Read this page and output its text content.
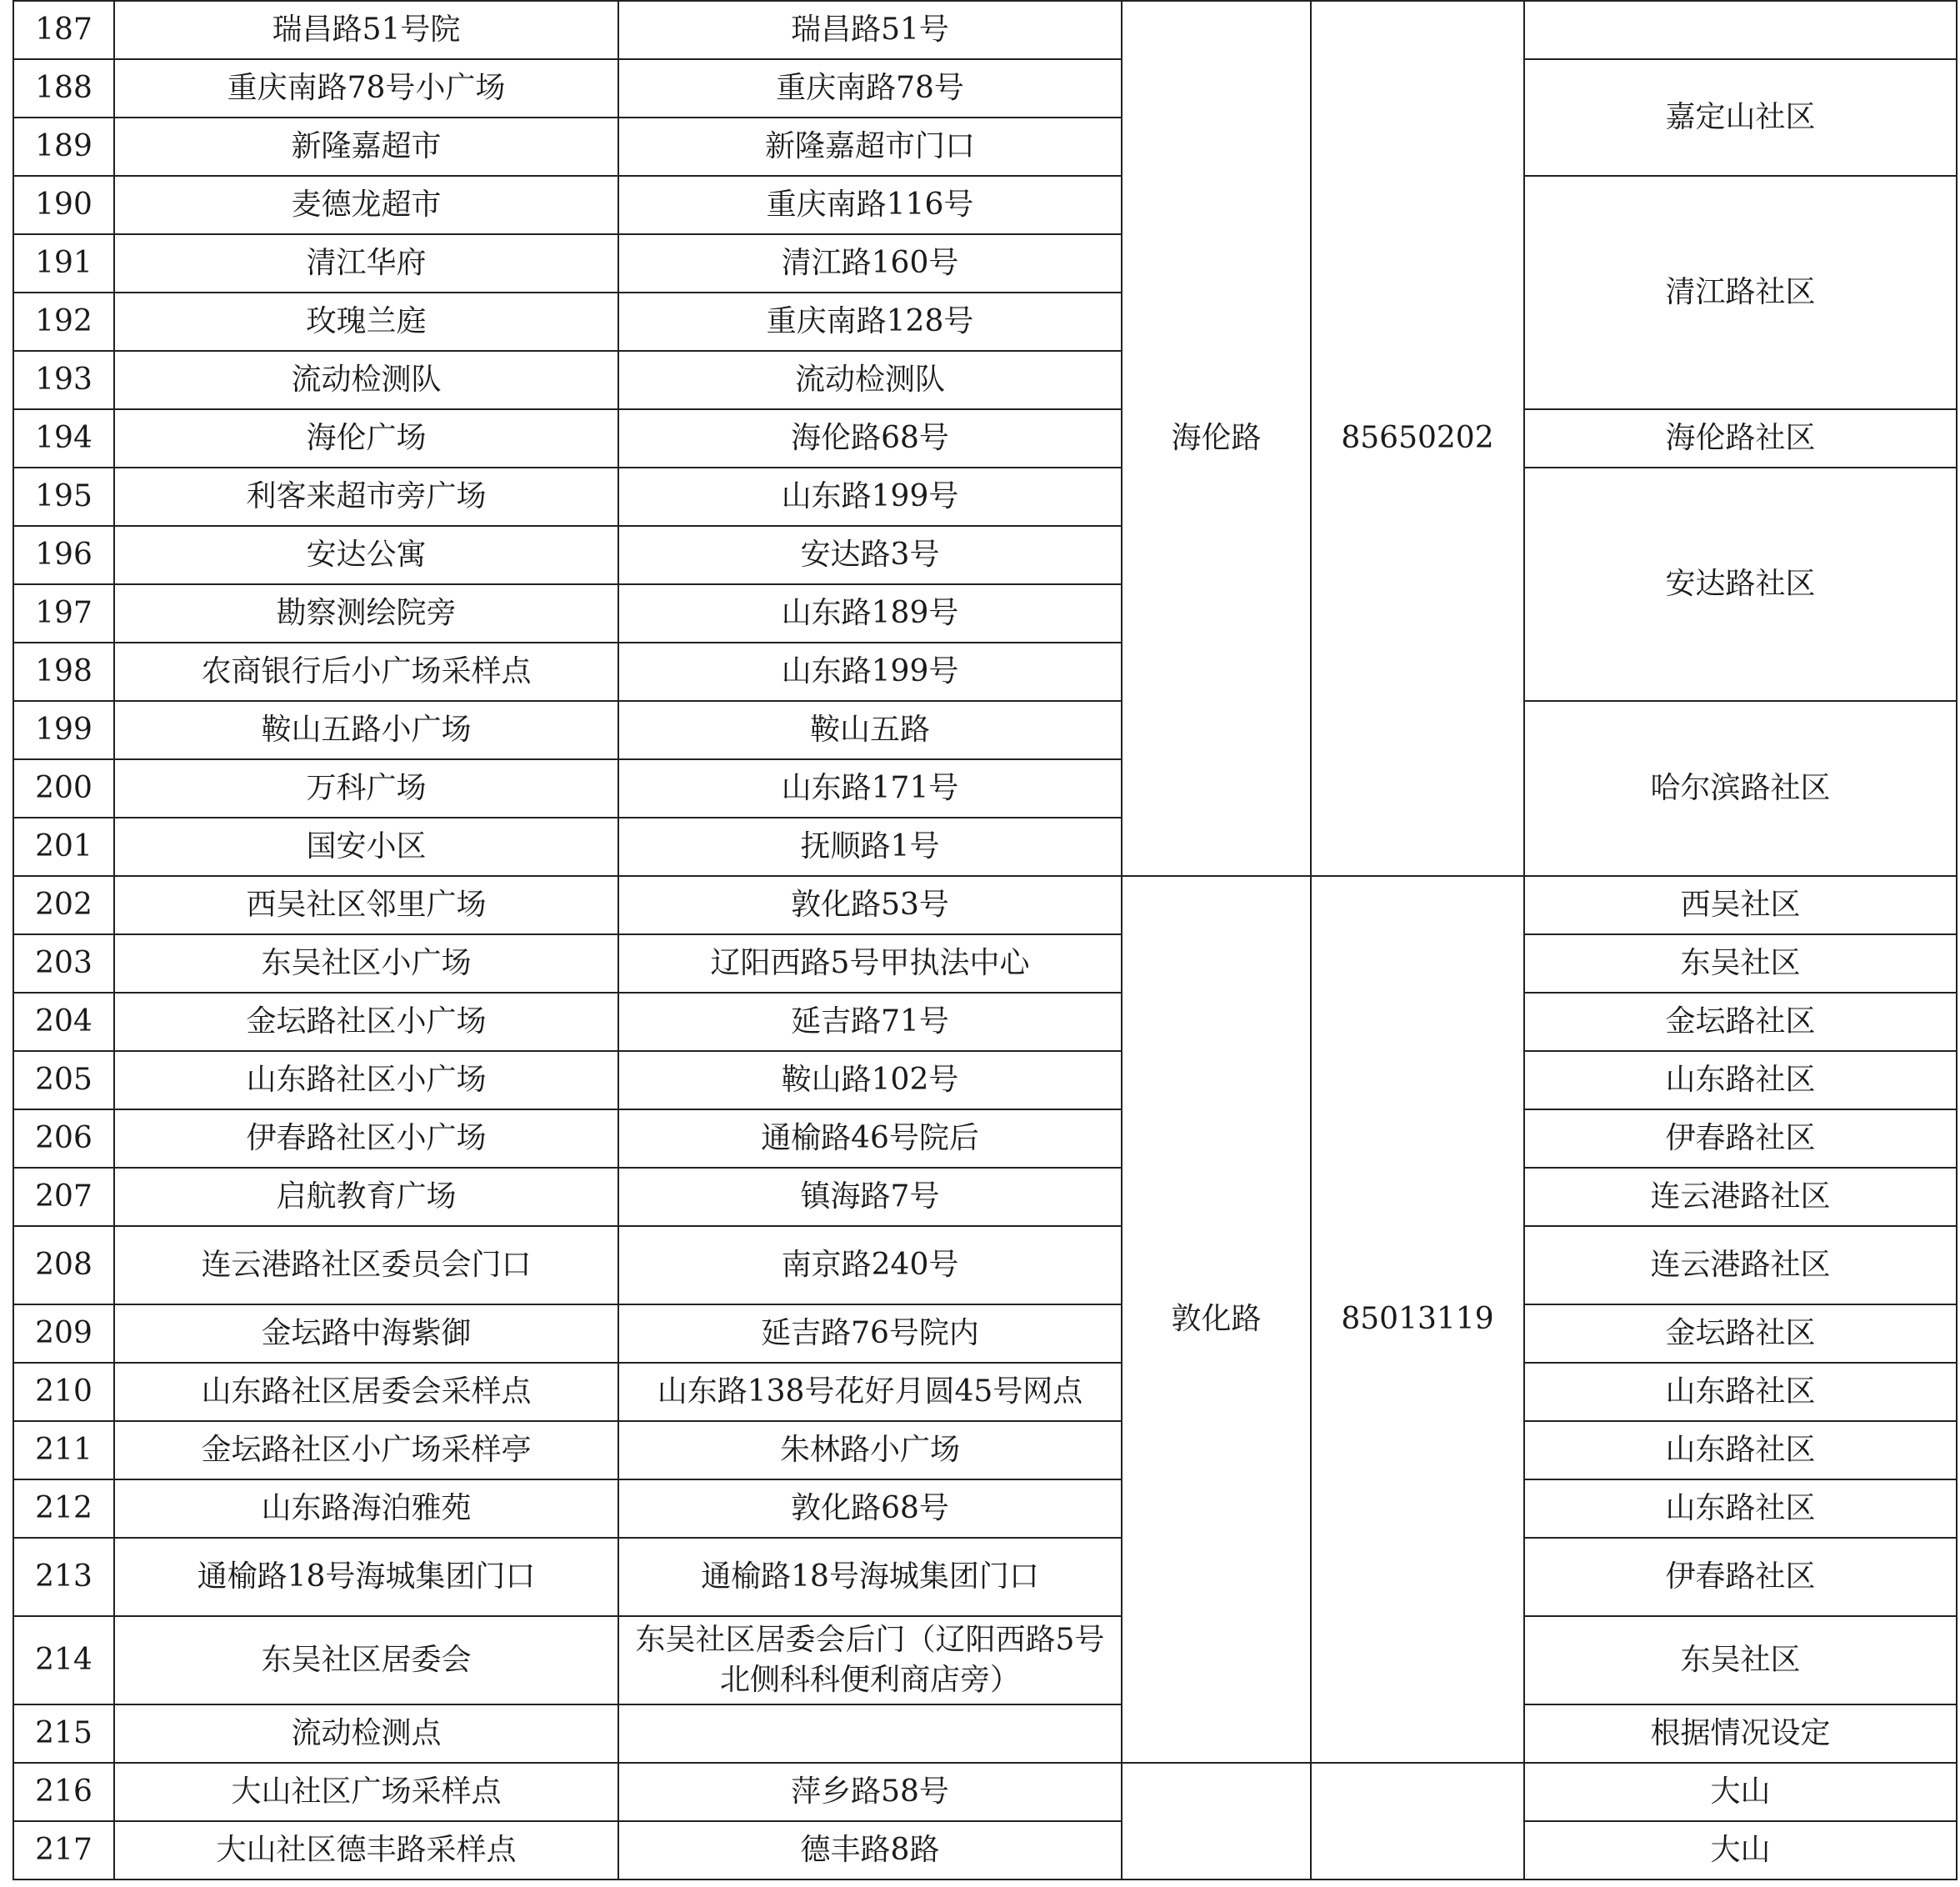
187	瑞昌路51号院	瑞昌路51号	海伦路	85650202	
188	重庆南路78号小广场	重庆南路78号			嘉定山社区
189	新隆嘉超市	新隆嘉超市门口			
190	麦德龙超市	重庆南路116号			清江路社区
191	清江华府	清江路160号			
192	玫瑰兰庭	重庆南路128号			
193	流动检测队	流动检测队			
194	海伦广场	海伦路68号			海伦路社区
195	利客来超市旁广场	山东路199号			安达路社区
196	安达公寓	安达路3号			
197	勘察测绘院旁	山东路189号			
198	农商银行后小广场采样点	山东路199号			
199	鞍山五路小广场	鞍山五路			哈尔滨路社区
200	万科广场	山东路171号			
201	国安小区	抚顺路1号			
202	西吴社区邻里广场	敦化路53号	敦化路	85013119	西吴社区
203	东吴社区小广场	辽阳西路5号甲执法中心			东吴社区
204	金坛路社区小广场	延吉路71号			金坛路社区
205	山东路社区小广场	鞍山路102号			山东路社区
206	伊春路社区小广场	通榆路46号院后			伊春路社区
207	启航教育广场	镇海路7号			连云港路社区
208	连云港路社区委员会门口	南京路240号			连云港路社区
209	金坛路中海紫御	延吉路76号院内			金坛路社区
210	山东路社区居委会采样点	山东路138号花好月圆45号网点			山东路社区
211	金坛路社区小广场采样亭	朱林路小广场			山东路社区
212	山东路海泊雅苑	敦化路68号			山东路社区
213	通榆路18号海城集团门口	通榆路18号海城集团门口			伊春路社区
214	东吴社区居委会	东吴社区居委会后门（辽阳西路5号北侧科科便利商店旁）			东吴社区
215	流动检测点				根据情况设定
216	大山社区广场采样点	萍乡路58号			大山
217	大山社区德丰路采样点	德丰路8路			大山
